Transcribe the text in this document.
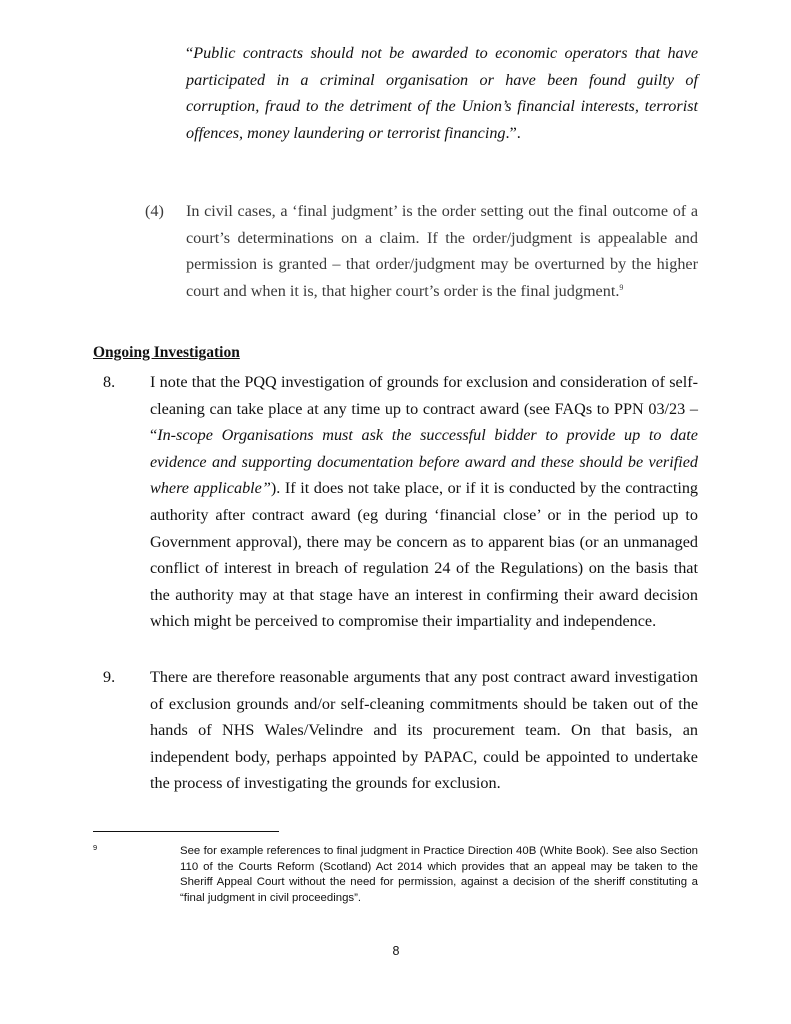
“Public contracts should not be awarded to economic operators that have participated in a criminal organisation or have been found guilty of corruption, fraud to the detriment of the Union’s financial interests, terrorist offences, money laundering or terrorist financing.”.
(4)	In civil cases, a ‘final judgment’ is the order setting out the final outcome of a court’s determinations on a claim. If the order/judgment is appealable and permission is granted – that order/judgment may be overturned by the higher court and when it is, that higher court’s order is the final judgment.$^9$
Ongoing Investigation
8.	I note that the PQQ investigation of grounds for exclusion and consideration of self-cleaning can take place at any time up to contract award (see FAQs to PPN 03/23 – “In-scope Organisations must ask the successful bidder to provide up to date evidence and supporting documentation before award and these should be verified where applicable”). If it does not take place, or if it is conducted by the contracting authority after contract award (eg during ‘financial close’ or in the period up to Government approval), there may be concern as to apparent bias (or an unmanaged conflict of interest in breach of regulation 24 of the Regulations) on the basis that the authority may at that stage have an interest in confirming their award decision which might be perceived to compromise their impartiality and independence.
9.	There are therefore reasonable arguments that any post contract award investigation of exclusion grounds and/or self-cleaning commitments should be taken out of the hands of NHS Wales/Velindre and its procurement team. On that basis, an independent body, perhaps appointed by PAPAC, could be appointed to undertake the process of investigating the grounds for exclusion.
9	See for example references to final judgment in Practice Direction 40B (White Book). See also Section 110 of the Courts Reform (Scotland) Act 2014 which provides that an appeal may be taken to the Sheriff Appeal Court without the need for permission, against a decision of the sheriff constituting a “final judgment in civil proceedings”.
8
